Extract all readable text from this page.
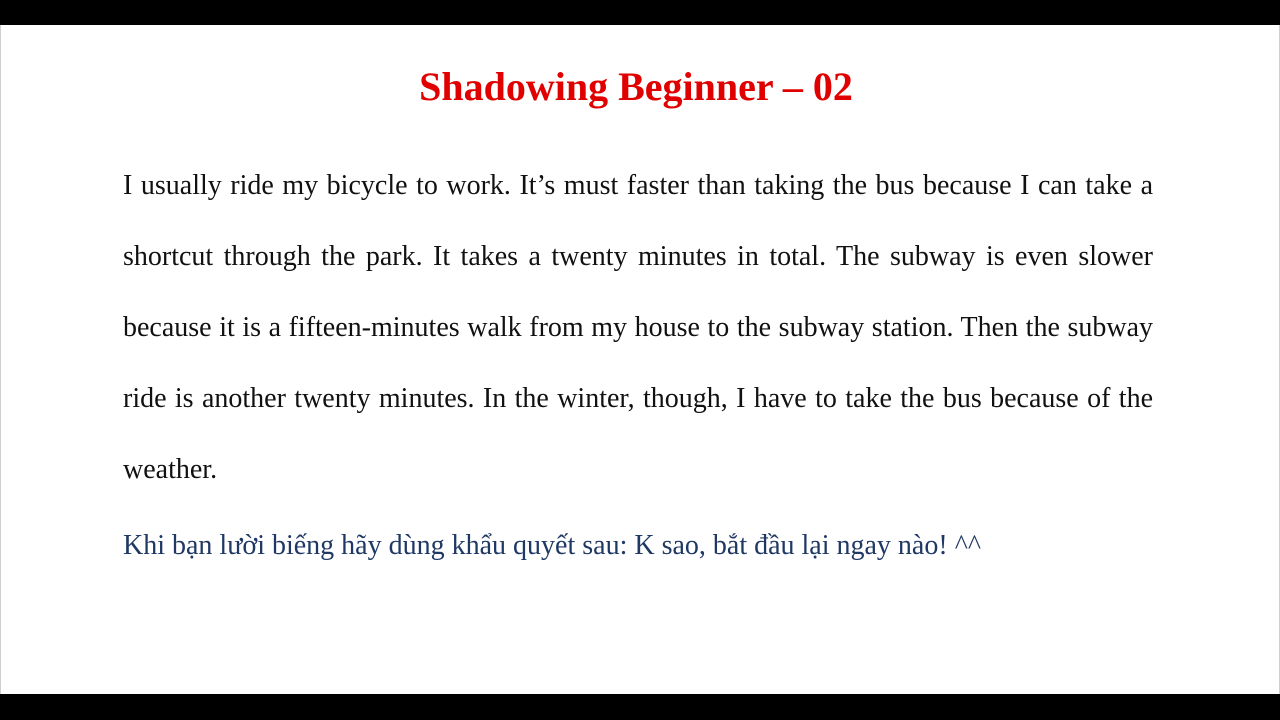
Shadowing Beginner – 02

I usually ride my bicycle to work. It’s must faster than taking the bus because I can take a shortcut through the park. It takes a twenty minutes in total. The subway is even slower because it is a fifteen-minutes walk from my house to the subway station. Then the subway ride is another twenty minutes. In the winter, though, I have to take the bus because of the weather.

Khi bạn lười biếng hãy dùng khẩu quyết sau: K sao, bắt đầu lại ngay nào! ^^
